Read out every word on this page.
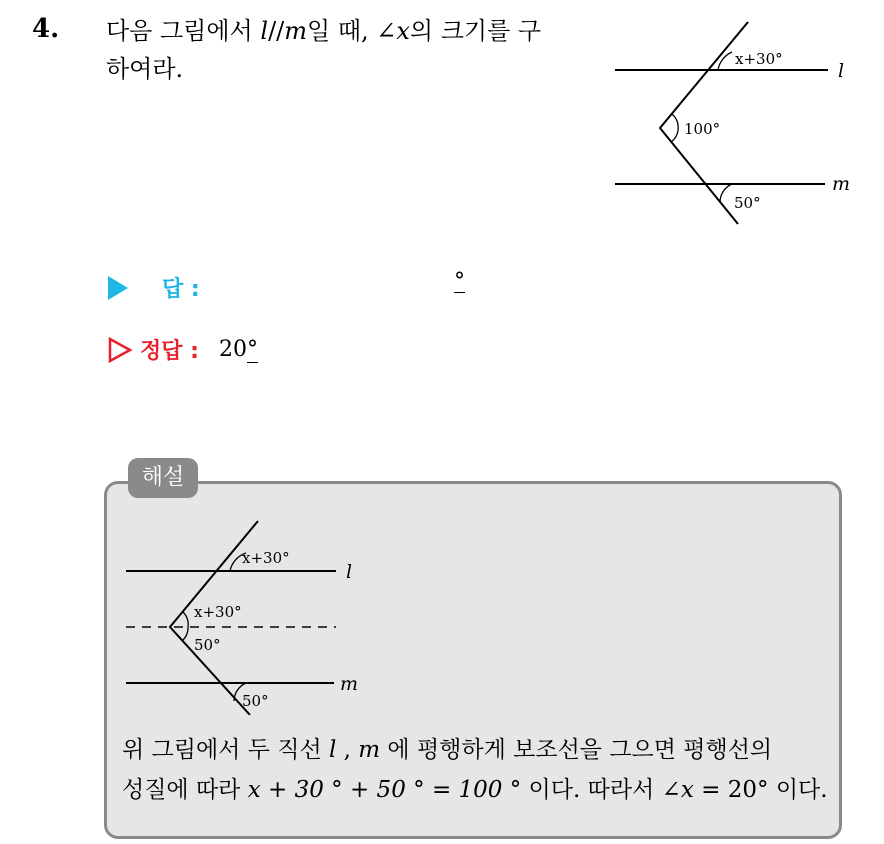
4. 다음 그림에서 l//m일 때, ∠x의 크기를 구
하여라.	x+30°
100°
50°
l
m
답 :	°
정답 : 20°
해설
x+30°
x+30°
50°
50°
l
m
위 그림에서 두 직선 l , m 에 평행하게 보조선을 그으면 평행선의
성질에 따라 x + 30 ° + 50 ° = 100 ° 이다. 따라서 ∠x = 20° 이다.
